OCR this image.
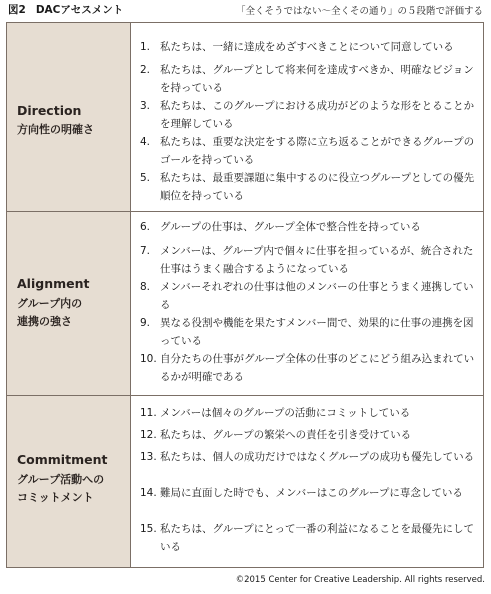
図2 DACアセスメント	「全くそうではない〜全くその通り」の５段階で評価する
Direction
方向性の明確さ
1. 私たちは、一緒に達成をめざすべきことについて同意している
2. 私たちは、グループとして将来何を達成すべきか、明確なビジョンを持っている
3. 私たちは、このグループにおける成功がどのような形をとることかを理解している
4. 私たちは、重要な決定をする際に立ち返ることができるグループのゴールを持っている
5. 私たちは、最重要課題に集中するのに役立つグループとしての優先順位を持っている
Alignment
グループ内の
連携の強さ
6. グループの仕事は、グループ全体で整合性を持っている
7. メンバーは、グループ内で個々に仕事を担っているが、統合された仕事はうまく融合するようになっている
8. メンバーそれぞれの仕事は他のメンバーの仕事とうまく連携している
9. 異なる役割や機能を果たすメンバー間で、効果的に仕事の連携を図っている
10. 自分たちの仕事がグループ全体の仕事のどこにどう組み込まれているかが明確である
Commitment
グループ活動への
コミットメント
11. メンバーは個々のグループの活動にコミットしている
12. 私たちは、グループの繁栄への責任を引き受けている
13. 私たちは、個人の成功だけではなくグループの成功も優先している
14. 難局に直面した時でも、メンバーはこのグループに専念している
15. 私たちは、グループにとって一番の利益になることを最優先にしている
©2015 Center for Creative Leadership. All rights reserved.
